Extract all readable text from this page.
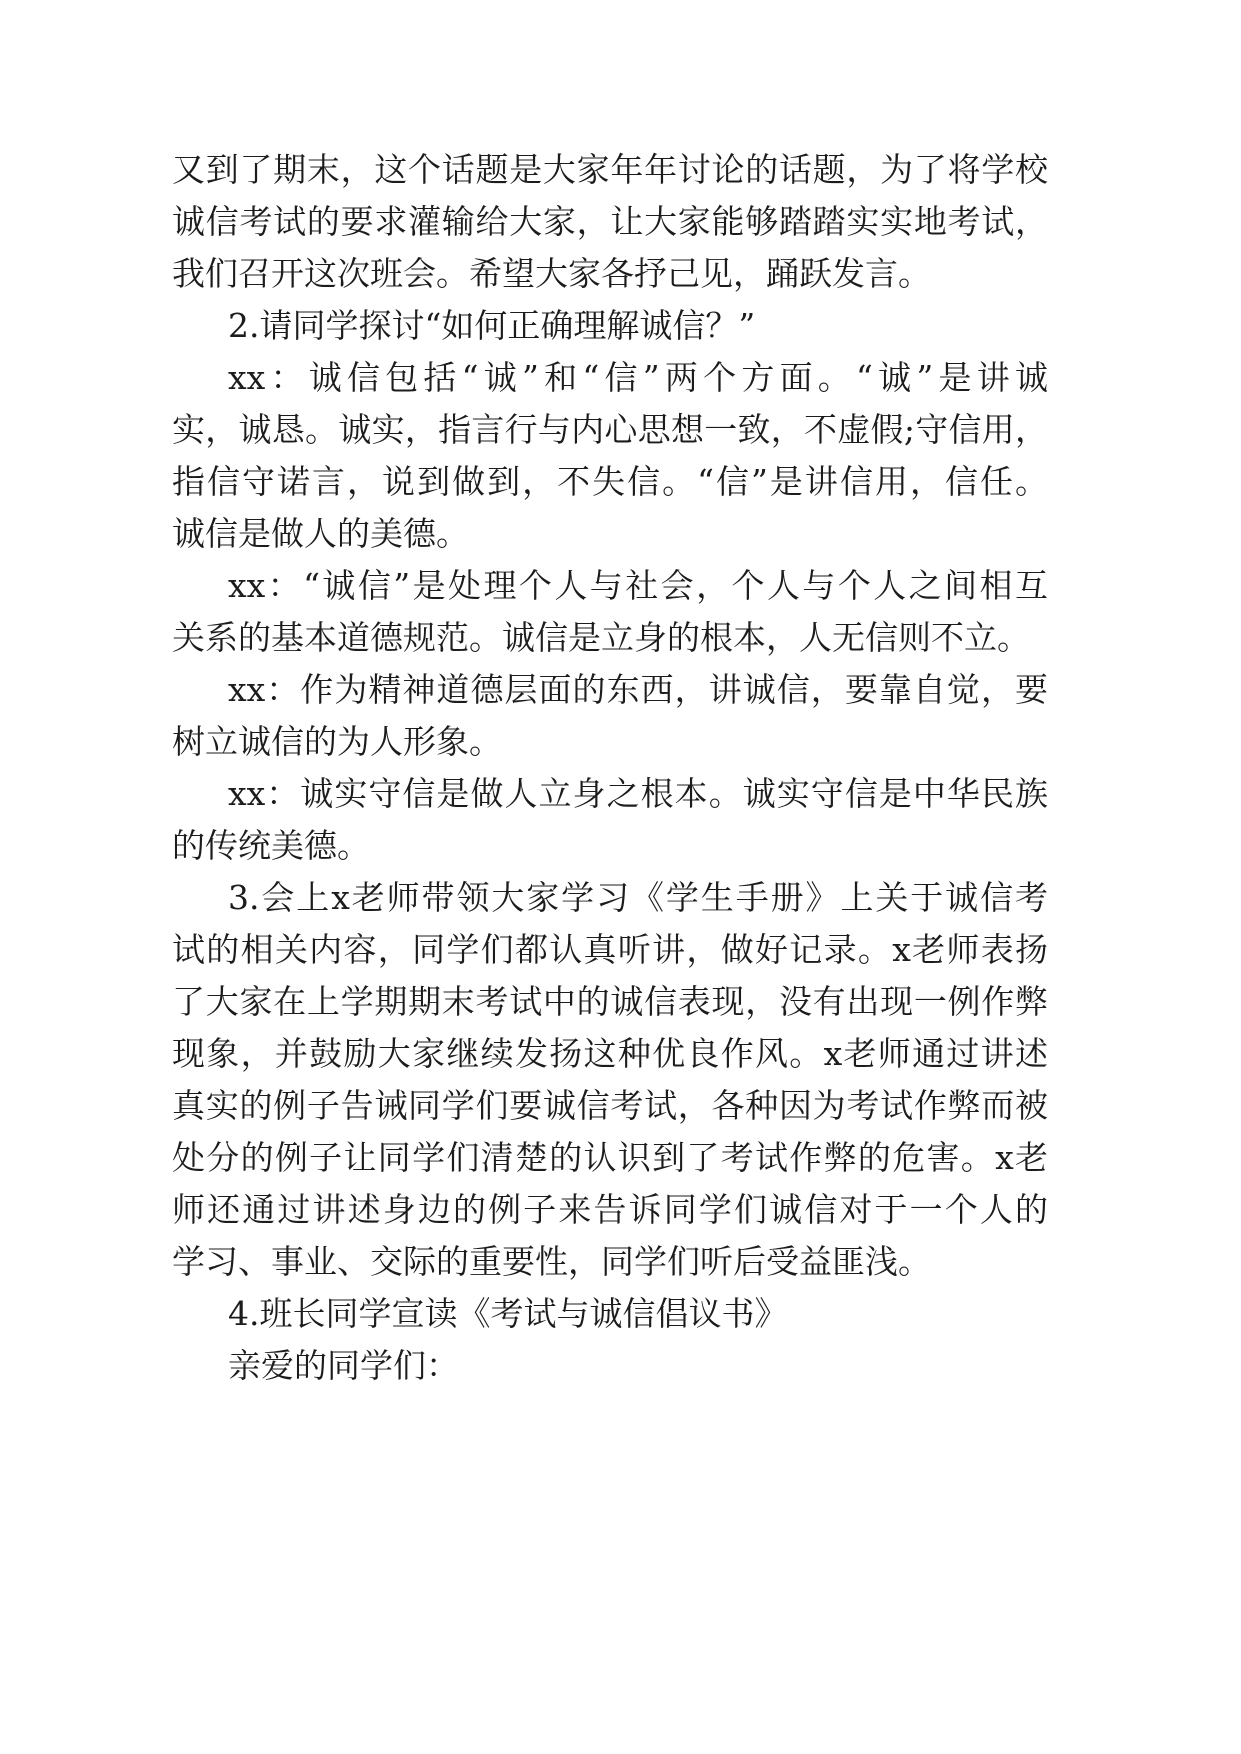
又到了期末，这个话题是大家年年讨论的话题，为了将学校
诚信考试的要求灌输给大家，让大家能够踏踏实实地考试，
我们召开这次班会。希望大家各抒己见，踊跃发言。
2.请同学探讨“如何正确理解诚信？”
xx：诚信包括“诚”和“信”两个方面。“诚”是讲诚
实，诚恳。诚实，指言行与内心思想一致，不虚假;守信用，
指信守诺言，说到做到，不失信。“信”是讲信用，信任。
诚信是做人的美德。
xx：“诚信”是处理个人与社会，个人与个人之间相互
关系的基本道德规范。诚信是立身的根本，人无信则不立。
xx：作为精神道德层面的东西，讲诚信，要靠自觉，要
树立诚信的为人形象。
xx：诚实守信是做人立身之根本。诚实守信是中华民族
的传统美德。
3.会上x老师带领大家学习《学生手册》上关于诚信考
试的相关内容，同学们都认真听讲，做好记录。x老师表扬
了大家在上学期期末考试中的诚信表现，没有出现一例作弊
现象，并鼓励大家继续发扬这种优良作风。x老师通过讲述
真实的例子告诫同学们要诚信考试，各种因为考试作弊而被
处分的例子让同学们清楚的认识到了考试作弊的危害。x老
师还通过讲述身边的例子来告诉同学们诚信对于一个人的
学习、事业、交际的重要性，同学们听后受益匪浅。
4.班长同学宣读《考试与诚信倡议书》
亲爱的同学们：
